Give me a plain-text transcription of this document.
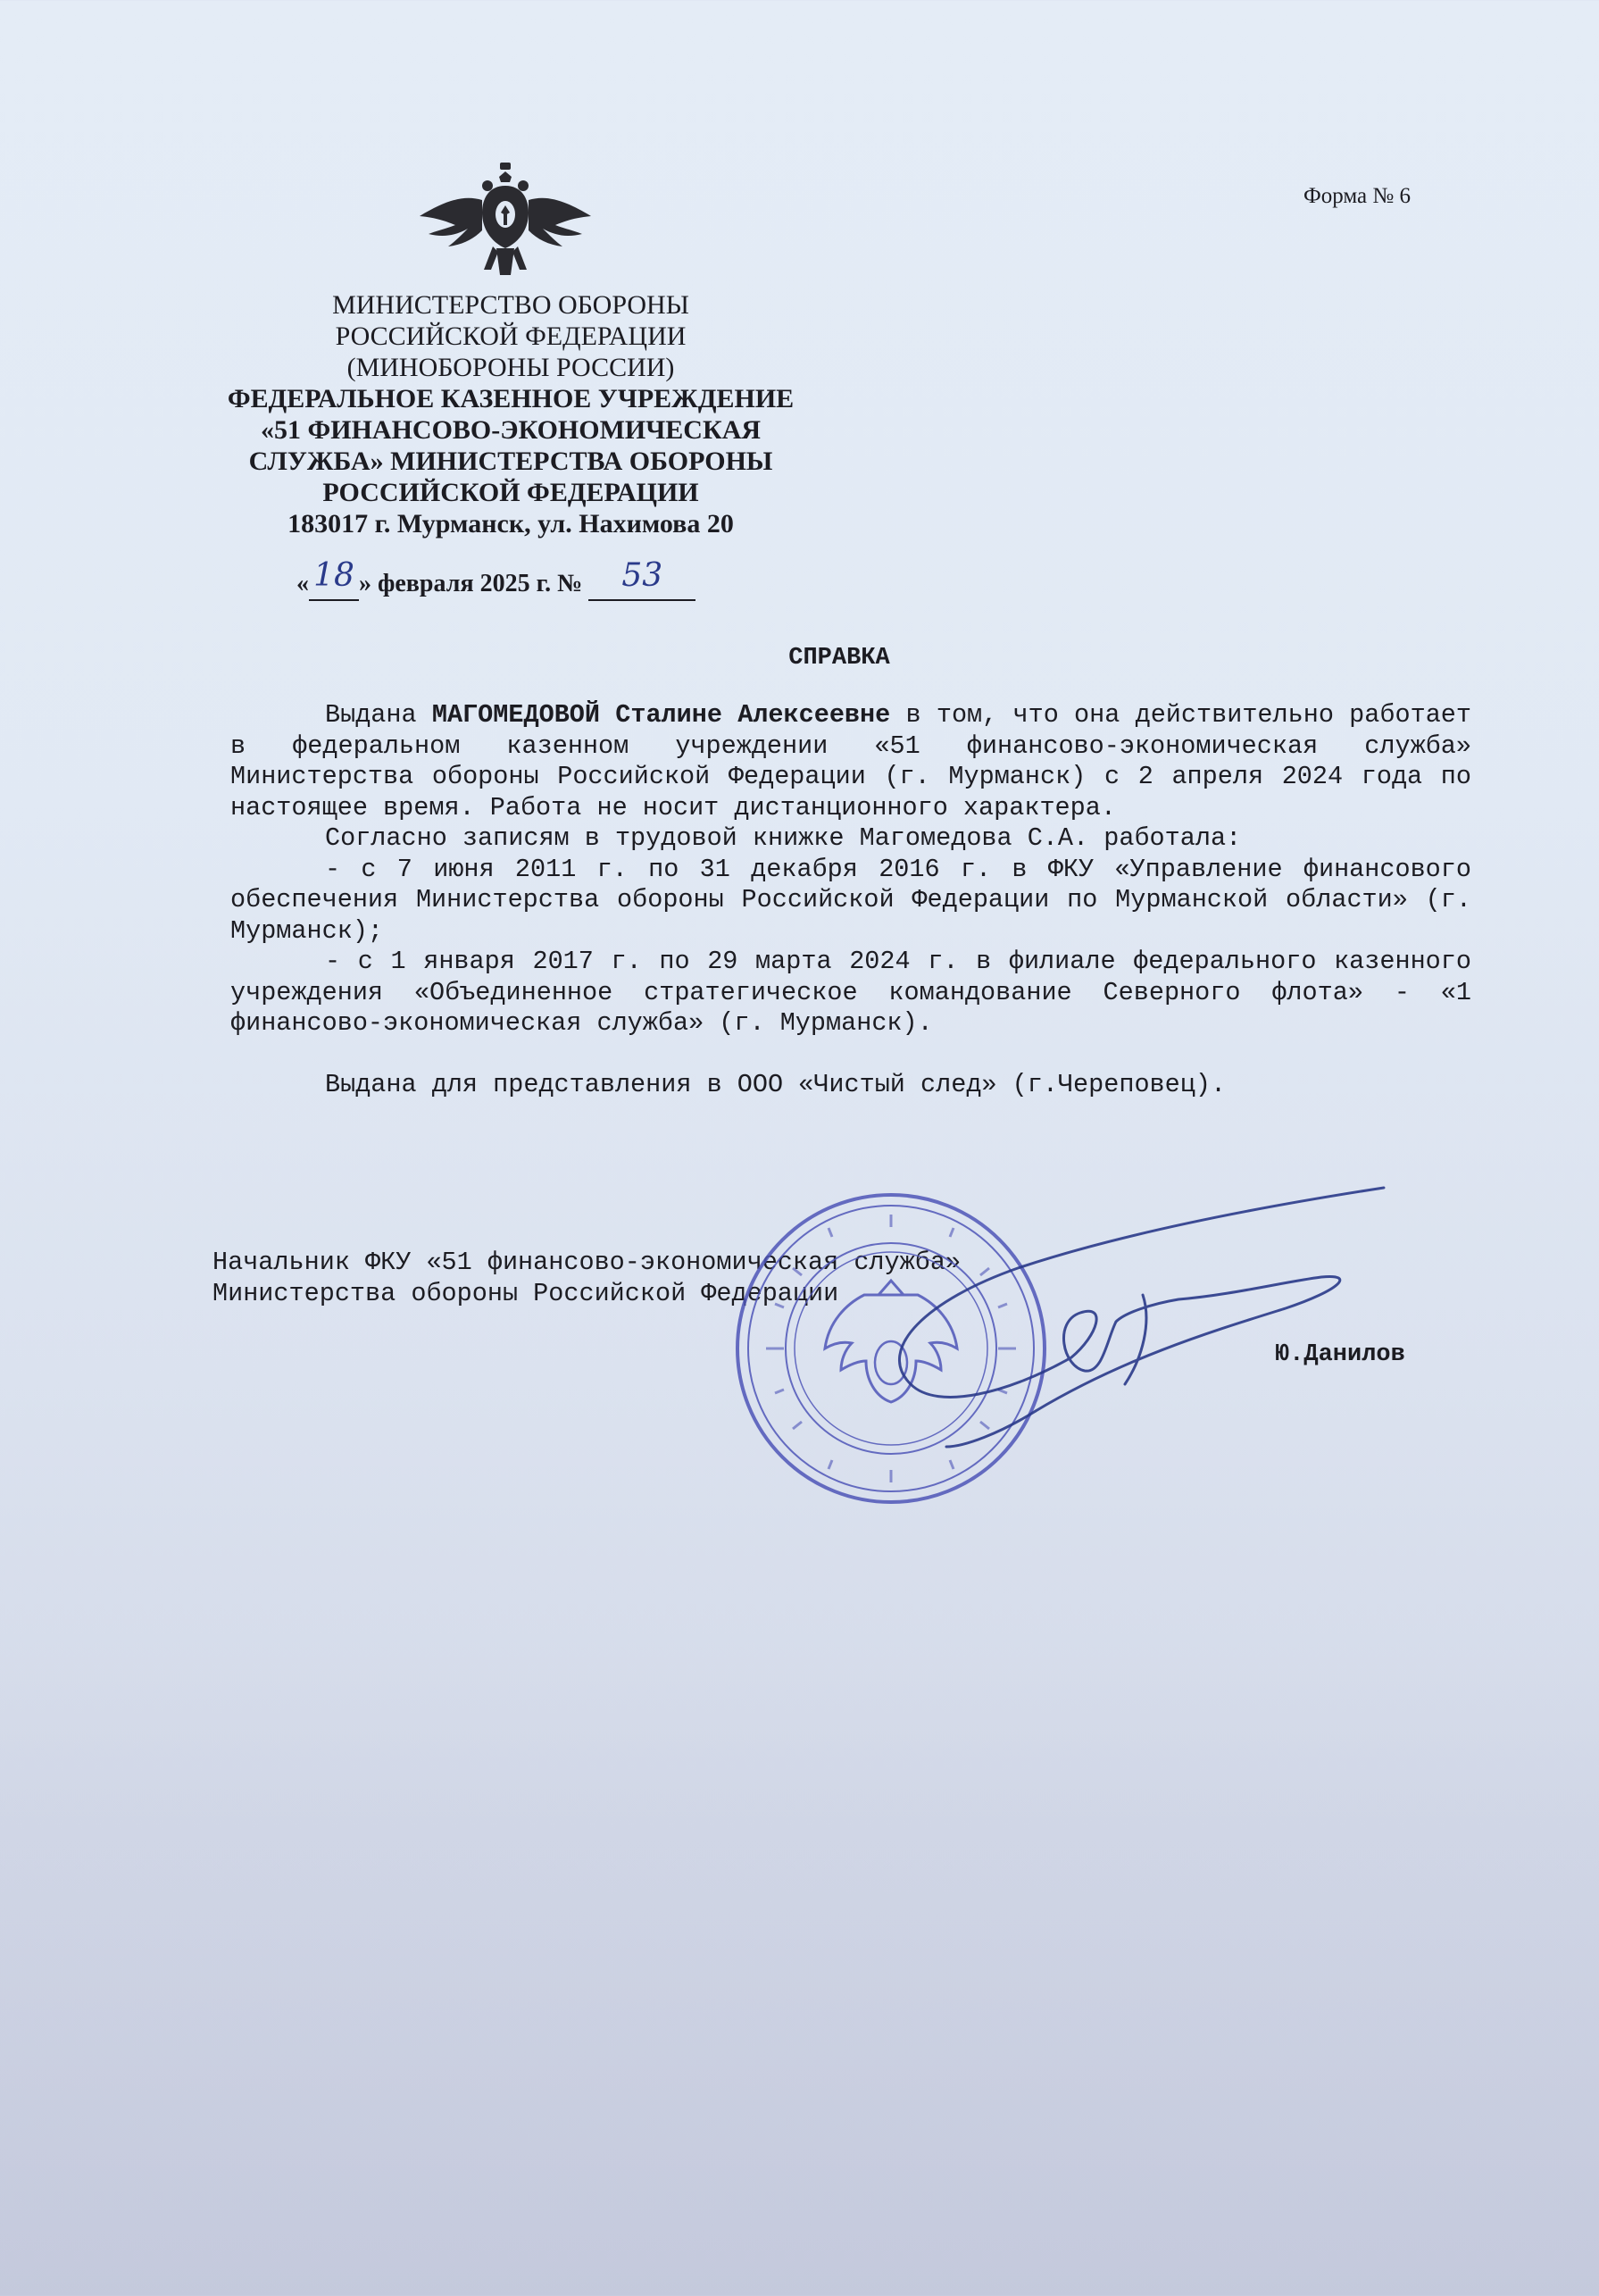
Форма № 6
МИНИСТЕРСТВО ОБОРОНЫ
РОССИЙСКОЙ ФЕДЕРАЦИИ
(МИНОБОРОНЫ РОССИИ)
ФЕДЕРАЛЬНОЕ КАЗЕННОЕ УЧРЕЖДЕНИЕ
«51 ФИНАНСОВО-ЭКОНОМИЧЕСКАЯ
СЛУЖБА» МИНИСТЕРСТВА ОБОРОНЫ
РОССИЙСКОЙ ФЕДЕРАЦИИ
183017 г. Мурманск, ул. Нахимова 20
« 18 » февраля 2025 г. № 53
СПРАВКА

Выдана МАГОМЕДОВОЙ Сталине Алексеевне в том, что она действительно работает в федеральном казенном учреждении «51 финансово-экономическая служба» Министерства обороны Российской Федерации (г. Мурманск) с 2 апреля 2024 года по настоящее время. Работа не носит дистанционного характера.

Согласно записям в трудовой книжке Магомедова С.А. работала:

- с 7 июня 2011 г. по 31 декабря 2016 г. в ФКУ «Управление финансового обеспечения Министерства обороны Российской Федерации по Мурманской области» (г. Мурманск);

- с 1 января 2017 г. по 29 марта 2024 г. в филиале федерального казенного учреждения «Объединенное стратегическое командование Северного флота» - «1 финансово-экономическая служба» (г. Мурманск).

Выдана для представления в ООО «Чистый след» (г.Череповец).

Начальник ФКУ «51 финансово-экономическая служба»
Министерства обороны Российской Федерации
Ю.Данилов
